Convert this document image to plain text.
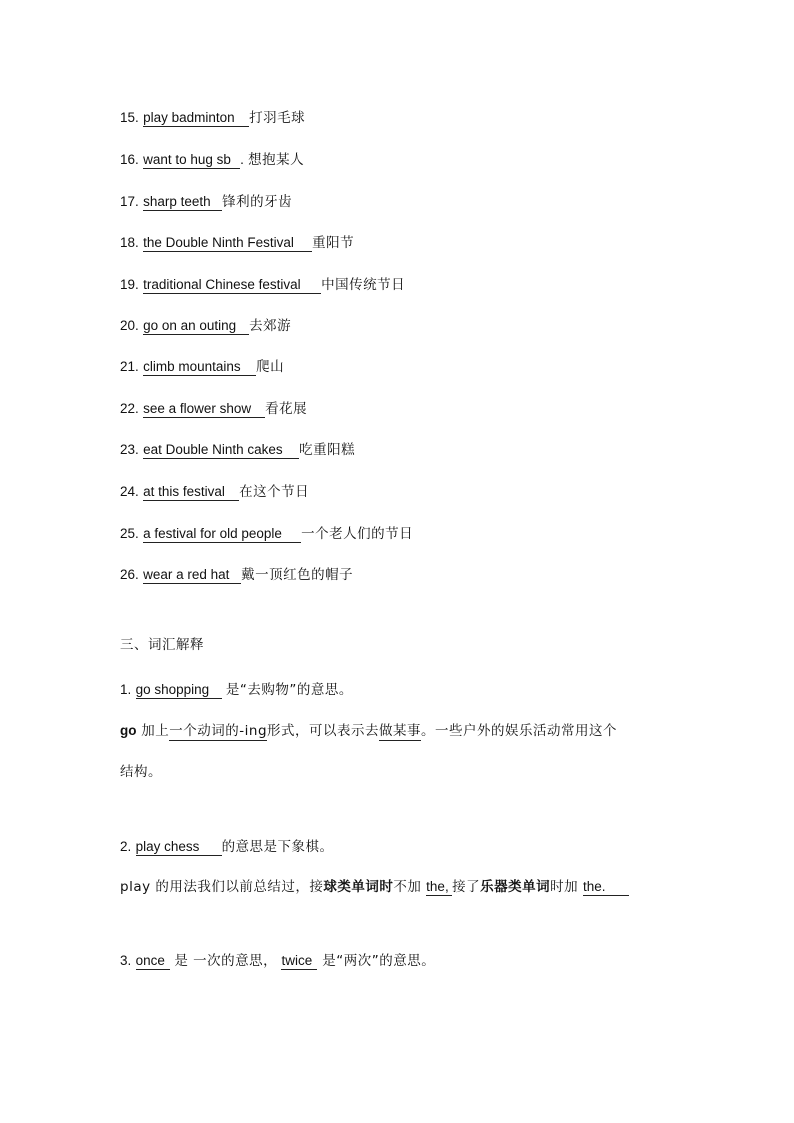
15. play badminton 打羽毛球
16. want to hug sb . 想抱某人
17. sharp teeth 锋利的牙齿
18. the Double Ninth Festival 重阳节
19. traditional Chinese festival 中国传统节日
20. go on an outing 去郊游
21. climb mountains 爬山
22. see a flower show 看花展
23. eat Double Ninth cakes 吃重阳糕
24. at this festival 在这个节日
25. a festival for old people 一个老人们的节日
26. wear a red hat 戴一顶红色的帽子
三、词汇解释
1. go shopping 是“去购物”的意思。
go 加上一个动词的-ing形式，可以表示去做某事。一些户外的娱乐活动常用这个
结构。
2. play chess 的意思是下象棋。
play 的用法我们以前总结过，接球类单词时不加 the, 接了乐器类单词时加 the.
3. once 是 一次的意思， twice 是“两次”的意思。
